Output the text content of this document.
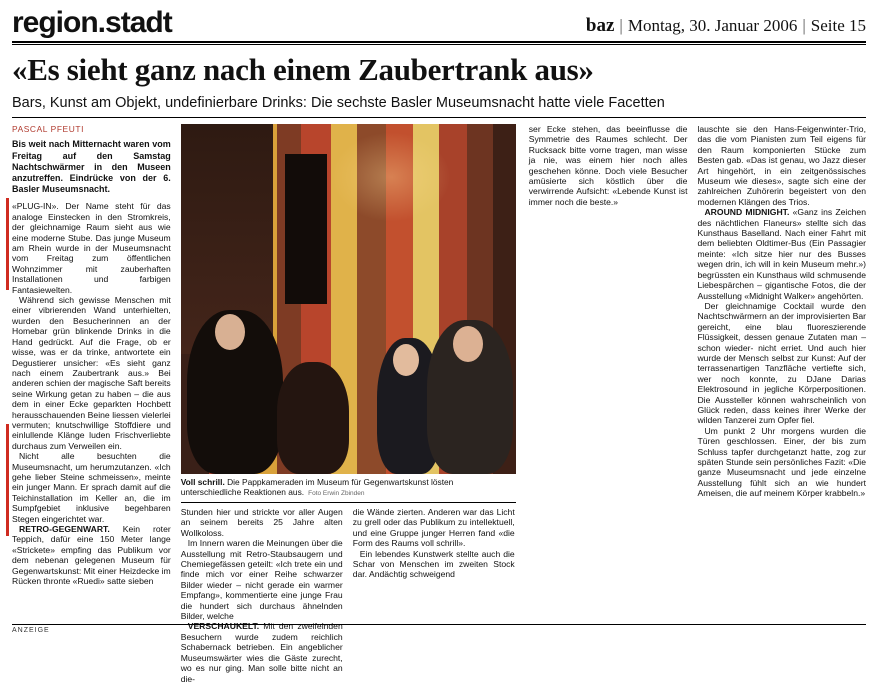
region.stadt	baz | Montag, 30. Januar 2006 | Seite 15
«Es sieht ganz nach einem Zaubertrank aus»
Bars, Kunst am Objekt, undefinierbare Drinks: Die sechste Basler Museumsnacht hatte viele Facetten
PASCAL PFEUTI
Bis weit nach Mitternacht waren vom Freitag auf den Samstag Nachtschwärmer in den Museen anzutreffen. Eindrücke von der 6. Basler Museumsnacht.

«PLUG-IN». Der Name steht für das analoge Einstecken in den Stromkreis, der gleichnamige Raum sieht aus wie eine moderne Stube. Das junge Museum am Rhein wurde in der Museumsnacht vom Freitag zum öffentlichen Wohnzimmer mit zauberhaften Installationen und farbigen Fantasiewelten.

Während sich gewisse Menschen mit einer vibrierenden Wand unterhielten, wurden den Besucherinnen an der Homebar grün blinkende Drinks in die Hand gedrückt. Auf die Frage, ob er wisse, was er da trinke, antwortete ein Degustierer unsicher: «Es sieht ganz nach einem Zaubertrank aus.» Bei anderen schien der magische Saft bereits seine Wirkung getan zu haben – die aus dem in einer Ecke geparkten Hochbett herausschauenden Beine liessen vielerlei vermuten; knutschwillige Stoffdiere und einlullende Klänge luden Frischverliebte durchaus zum Verweilen ein.

Nicht alle besuchten die Museumsnacht, um herumzutanzen. «Ich gehe lieber Steine schmeissen», meinte ein junger Mann. Er sprach damit auf die Teichinstallation im Keller an, die im Sumpfgebiet inklusive begehbaren Stegen eingerichtet war.

RETRO-GEGENWART. Kein roter Teppich, dafür eine 150 Meter lange «Strickete» empfing das Publikum vor dem nebenan gelegenen Museum für Gegenwartskunst: Mit einer Heizdecke im Rücken thronte «Ruedi» satte sieben

Voll schrill. Die Pappkameraden im Museum für Gegenwartskunst lösten unterschiedliche Reaktionen aus. Foto Erwin Zbinden

Stunden hier und strickte vor aller Augen an seinem bereits 25 Jahre alten Wollkoloss.

Im Innern waren die Meinungen über die Ausstellung mit Retro-Staubsaugern und Chemiegefässen geteilt: «Ich trete ein und finde mich vor einer Reihe schwarzer Bilder wieder – nicht gerade ein warmer Empfang», kommentierte eine junge Frau die hundert sich durchaus ähnelnden Bilder, welche

VERSCHAUKELT. Mit den zweifelnden Besuchern wurde zudem reichlich Schabernack betrieben. Ein angeblicher Museumswärter wies die Gäste zurecht, wo es nur ging. Man solle bitte nicht an die-

die Wände zierten. Anderen war das Licht zu grell oder das Publikum zu intellektuell, und eine Gruppe junger Herren fand «die Form des Raums voll schrill».

Ein lebendes Kunstwerk stellte auch die Schar von Menschen im zweiten Stock dar. Andächtig schweigend

ser Ecke stehen, das beeinflusse die Symmetrie des Raumes schlecht. Der Rucksack bitte vorne tragen, man wisse ja nie, was einem hier noch alles geschehen könne. Doch viele Besucher amüsierte sich köstlich über die verwirrende Aufsicht: «Lebende Kunst ist immer noch die beste.»

lauschte sie den Hans-Feigenwinter-Trio, das die vom Pianisten zum Teil eigens für den Raum komponierten Stücke zum Besten gab. «Das ist genau, wo Jazz dieser Art hingehört, in ein zeitgenössisches Museum wie dieses», sagte sich eine der zahlreichen Zuhörerin begeistert von den modernen Klängen des Trios.

AROUND MIDNIGHT. «Ganz ins Zeichen des nächtlichen Flaneurs» stellte sich das Kunsthaus Baselland. Nach einer Fahrt mit dem beliebten Oldtimer-Bus (Ein Passagier meinte: «Ich sitze hier nur des Busses wegen drin, ich will in kein Museum mehr.») begrüssten ein Kunsthaus wild schmusende Liebespärchen – gigantische Fotos, die der Ausstellung «Midnight Walker» angehörten.

Der gleichnamige Cocktail wurde den Nachtschwärmern an der improvisierten Bar gereicht, eine blau fluoreszierende Flüssigkeit, dessen genaue Zutaten man – schon wieder- nicht erriet. Und auch hier wurde der Mensch selbst zur Kunst: Auf der terrassenartigen Tanzfläche vertiefte sich, wer noch konnte, zu DJane Darias Elektrosound in jegliche Körperpositionen. Die Aussteller können wahrscheinlich von Glück reden, dass keines ihrer Werke der wilden Tanzerei zum Opfer fiel.

Um punkt 2 Uhr morgens wurden die Türen geschlossen. Einer, der bis zum Schluss tapfer durchgetanzt hatte, zog zur späten Stunde sein persönliches Fazit: «Die ganze Museumsnacht und jede einzelne Ausstellung fühlt sich an wie hundert Ameisen, die auf meinem Körper krabbeln.»

ANZEIGE
